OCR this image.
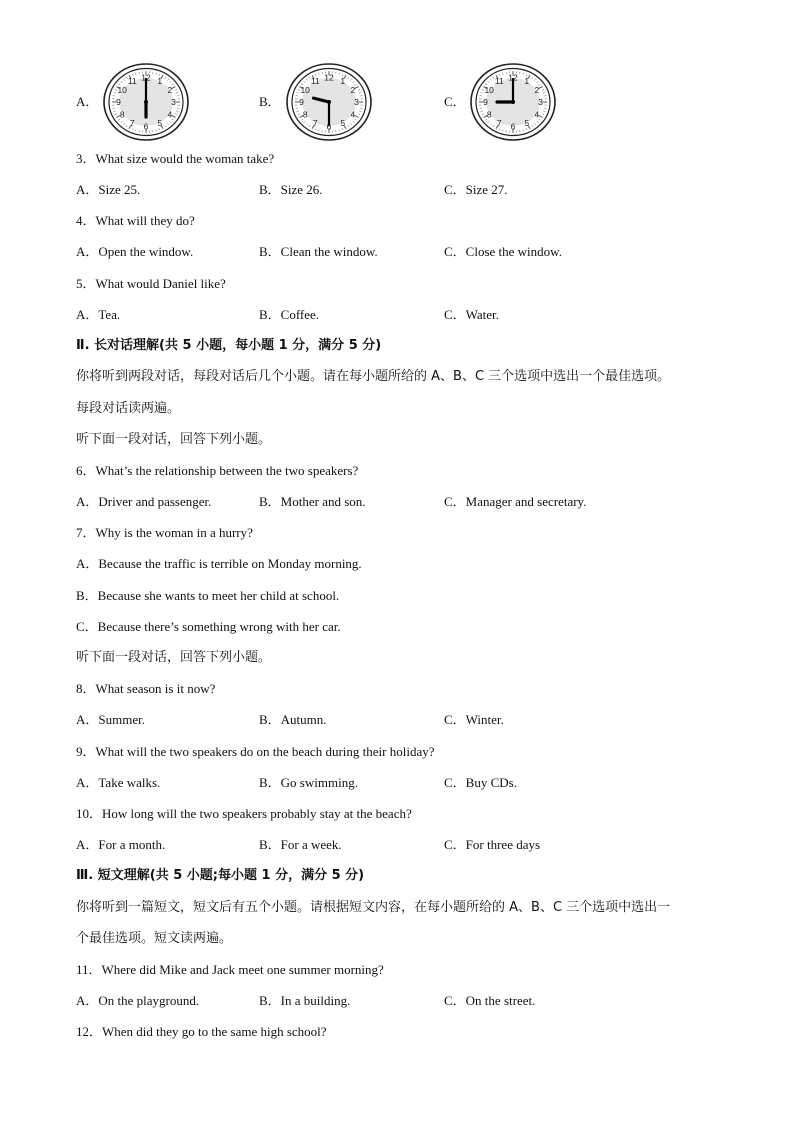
A．
12 1
2
3
4
5
6
7
8
9
10
11
B．
12 1
2
3
4
5
6
7
8
9
10
11
C．
12 1
2
3
4
5
6
7
8
9
10
11
3．What size would the woman take?
A．Size 25.	B．Size 26.	C．Size 27.
4．What will they do?
A．Open the window.	B．Clean the window.	C．Close the window.
5．What would Daniel like?
A．Tea.	B．Coffee.	C．Water.
Ⅱ. 长对话理解(共 5 小题，每小题 1 分，满分 5 分)
你将听到两段对话，每段对话后几个小题。请在每小题所给的 A、B、C 三个选项中选出一个最佳选项。
每段对话读两遍。
听下面一段对话，回答下列小题。
6．What’s the relationship between the two speakers?
A．Driver and passenger.	B．Mother and son.	C．Manager and secretary.
7．Why is the woman in a hurry?
A．Because the traffic is terrible on Monday morning.
B．Because she wants to meet her child at school.
C．Because there’s something wrong with her car.
听下面一段对话，回答下列小题。
8．What season is it now?
A．Summer.	B．Autumn.	C．Winter.
9．What will the two speakers do on the beach during their holiday?
A．Take walks.	B．Go swimming.	C．Buy CDs.
10．How long will the two speakers probably stay at the beach?
A．For a month.	B．For a week.	C．For three days
Ⅲ. 短文理解(共 5 小题;每小题 1 分，满分 5 分)
你将听到一篇短文，短文后有五个小题。请根据短文内容，在每小题所给的 A、B、C 三个选项中选出一
个最佳选项。短文读两遍。
11．Where did Mike and Jack meet one summer morning?
A．On the playground.	B．In a building.	C．On the street.
12．When did they go to the same high school?
